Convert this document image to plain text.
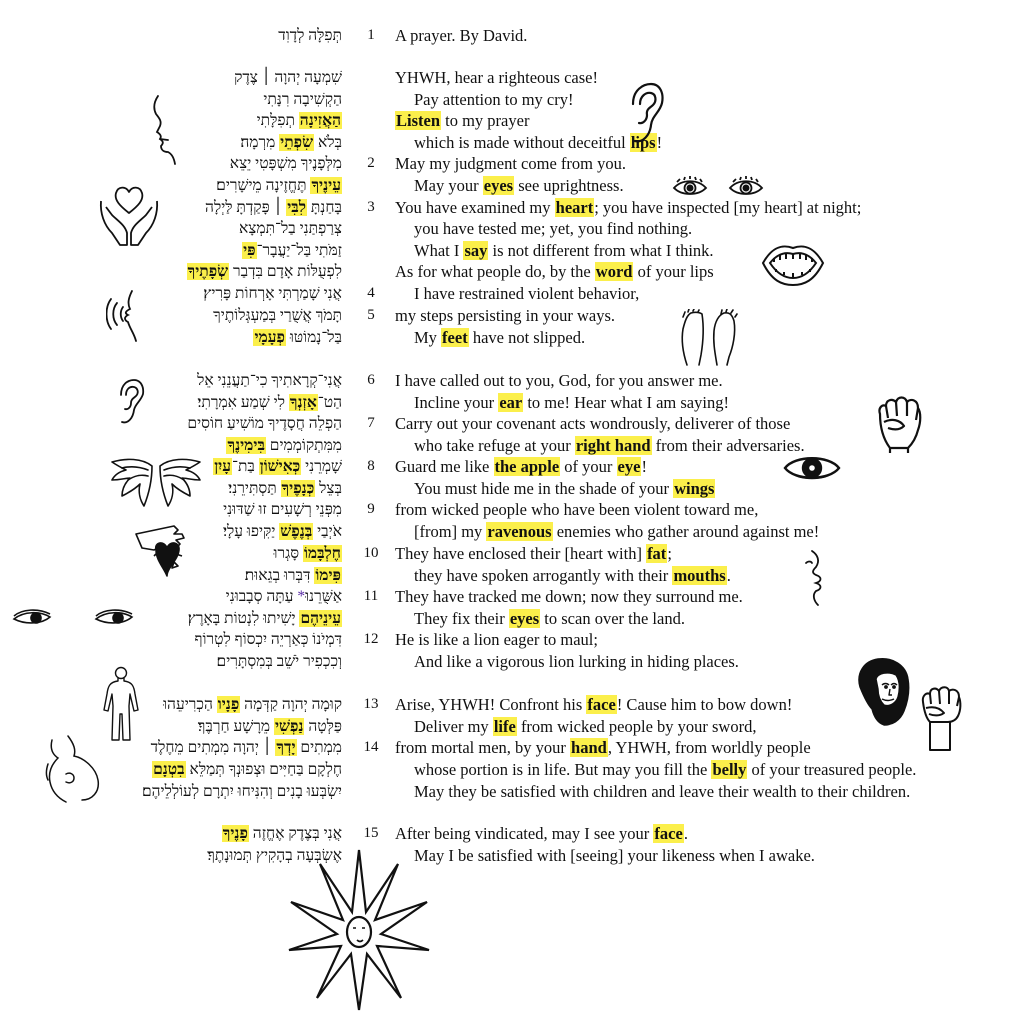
תְּפִלָּה לְדָוִד 1 A prayer. By David.
שִׁמְעָה יְהוָה ׀ צֶדֶק	YHWH, hear a righteous case!
הַקְשִׁיבָה רִנָּתִי	Pay attention to my cry!
הַאֲזִינָה תְפִלָּתִי	Listen to my prayer
בְּלֹא שִׂפְתֵי מִרְמָה׃	which is made without deceitful lips!
מִלְּפָנֶיךָ מִשְׁפָּטִי יֵצֵא 2 May my judgment come from you.
עֵינֶיךָ תֶּחֱזֶינָה מֵישָׁרִים׃	May your eyes see uprightness.
בָּחַנְתָּ לִבִּי ׀ פָּקַדְתָּ לַּיְלָה	3 You have examined my heart; you have inspected [my heart] at night;
צְרַפְתַּנִי בַל־תִּמְצָא	you have tested me; yet, you find nothing.
זַמֹּתִי בַּל־יַעֲבָר־פִּי	What I say is not different from what I think.
לִפְעֻלּוֹת אָדָם בִּדְבַר שְׂפָתֶיךָ	As for what people do, by the word of your lips
אֲנִי שָׁמַרְתִּי אָרְחוֹת פָּרִיץ׃ 4 I have restrained violent behavior,
תָּמֹךְ אֲשֻׁרַי בְּמַעְגְּלוֹתֶיךָ 5 my steps persisting in your ways.
בַּל־נָמוֹטּוּ פְעָמָי	My feet have not slipped.
אֲנִי־קְרָאתִיךָ כִי־תַעֲנֵנִי אֵל 6 I have called out to you, God, for you answer me.
הַט־אָזְנְךָ לִי שְׁמַע אִמְרָתִי׃	Incline your ear to me! Hear what I am saying!
הַפְלֵה חֲסָדֶיךָ מוֹשִׁיעַ חוֹסִים 7 Carry out your covenant acts wondrously, deliverer of those
מִמִּתְקוֹמְמִים בִּימִינֶךָ	who take refuge at your right hand from their adversaries.
שָׁמְרֵנִי כְּאִישׁוֹן בַּת־עָיִן	8 Guard me like the apple of your eye!
בְּצֵל כְּנָפֶיךָ תַּסְתִּירֵנִי׃	You must hide me in the shade of your wings
מִפְּנֵי רְשָׁעִים זוּ שַׁדּוּנִי 9 from wicked people who have been violent toward me,
אֹיְבַי בְּנֶפֶשׁ יַקִּיפוּ עָלָי׃	[from] my ravenous enemies who gather around against me!
חֶלְבָּמוֹ סָּגְרוּ	10 They have enclosed their [heart with] fat;
פִּימוֹ דִּבְּרוּ בְגֵאוּת׃	they have spoken arrogantly with their mouths.
אַשֻּׁרֵנוּ* עַתָּה סְבָבוּנִי	11 They have tracked me down; now they surround me.
עֵינֵיהֶם יָשִׁיתוּ לִנְטוֹת בָּאָרֶץ׃	They fix their eyes to scan over the land.
דִּמְיֹנוֹ כְּאַרְיֵה יִכְסוֹף לִטְרוֹף 12 He is like a lion eager to maul;
וְכִכְפִיר יֹשֵׁב בְּמִסְתָּרִים׃	And like a vigorous lion lurking in hiding places.
קוּמָה יְהוָה קַדְּמָה פָנָיו הַכְרִיעֵהוּ	13 Arise, YHWH! Confront his face! Cause him to bow down!
פַּלְּטָה נַפְשִׁי מֵרָשָׁע חַרְבֶּךָ׃	Deliver my life from wicked people by your sword,
מִמְתִים יָדְךָ ׀ יְהוָה מִמְתִים מֵחֶלֶד	14 from mortal men, by your hand, YHWH, from worldly people
חֶלְקָם בַּחַיִּים וּצְפוּנְךָ תְּמַלֵּא בִטְנָם	whose portion is in life. But may you fill the belly of your treasured people.
יִשְׂבְּעוּ בָנִים וְהִנִּיחוּ יִתְרָם לְעוֹלְלֵיהֶם׃	May they be satisfied with children and leave their wealth to their children.
אֲנִי בְּצֶדֶק אֶחֱזֶה פָנֶיךָ	15 After being vindicated, may I see your face.
אֶשְׂבְּעָה בְהָקִיץ תְּמוּנָתֶךָ׃	May I be satisfied with [seeing] your likeness when I awake.
